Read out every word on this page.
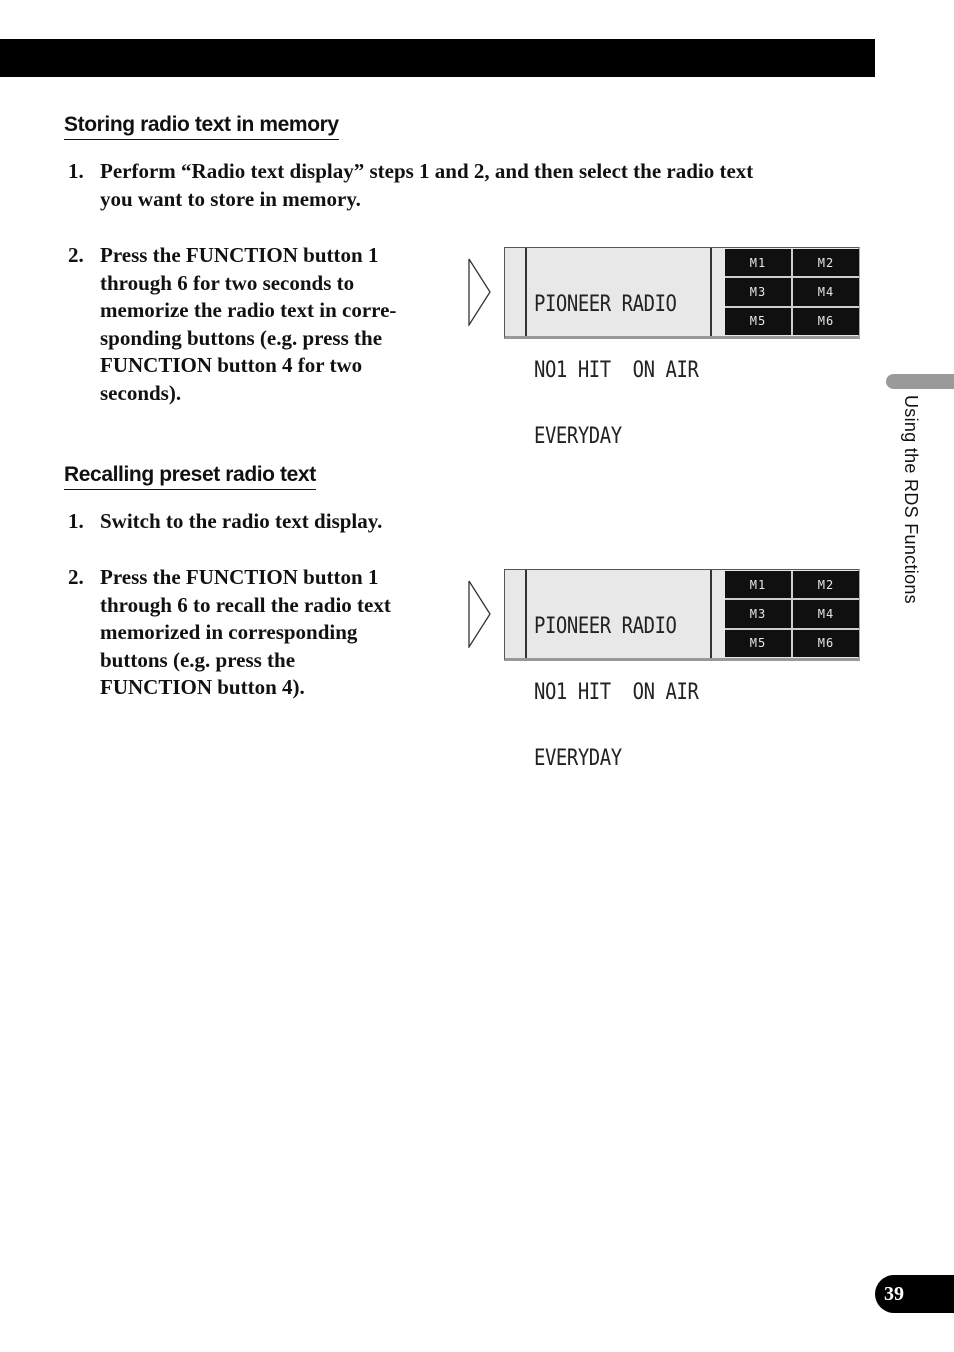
Storing radio text in memory
1. Perform “Radio text display” steps 1 and 2, and then select the radio text
you want to store in memory.
2. Press the FUNCTION button 1
through 6 for two seconds to
memorize the radio text in corre-
sponding buttons (e.g. press the
FUNCTION button 4 for two
seconds).

PIONEER RADIO

NO1 HIT  ON AIR

EVERYDAY

M1	M2
M3	M4
M5	M6
Recalling preset radio text
1. Switch to the radio text display.
2. Press the FUNCTION button 1
through 6 to recall the radio text
memorized in corresponding
buttons (e.g. press the
FUNCTION button 4).

PIONEER RADIO

NO1 HIT  ON AIR

EVERYDAY

M1	M2
M3	M4
M5	M6
Using the RDS Functions
39
